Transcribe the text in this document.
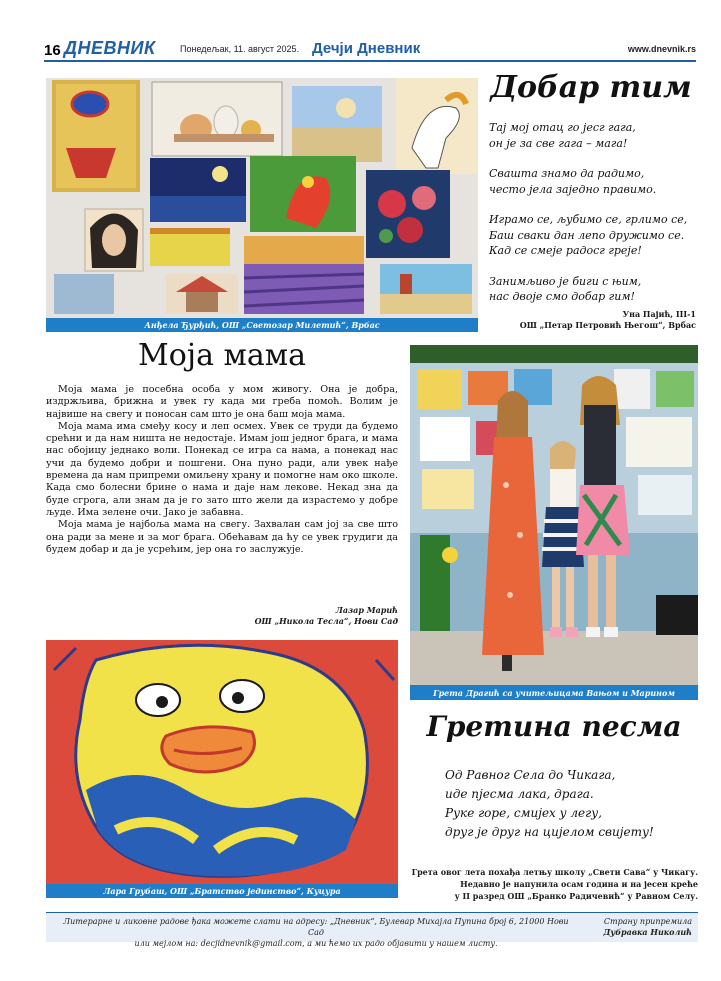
16 ДНЕВНИК	Понедељак, 11. август 2025. Дечји Дневник	www.dnevnik.rs
Анђела Ђурђић, ОШ „Светозар Милетић“, Врбас
Добар тим
Тај мој отац го јесг гага,
он је за све гага – мага!
Свашта знамо да радимо,
често јела заједно правимо.
Играмо се, љубимо се, грлимо се,
Баш сваки дан лепо дружимо се.
Кад се смеје радосг греје!
Занимљиво је биги с њим,
нас двоје смо добар гим!
Уна Пајић, III-1
ОШ „Петар Петровић Његош“, Врбас
Моја мама

Моја мама је посебна особа у мом живогу. Она је добра, издржљива, брижна и увек гу када ми греба помоћ. Волим је највише на свегу и поносан сам што је она баш моја мама.

Моја мама има смеђу косу и леп осмех. Увек се труди да будемо срећни и да нам ништа не недостаје. Имам још једног брага, и мама нас обојицу једнако воли. Понекад се игра са нама, а понекад нас учи да будемо добри и пошгени. Она пуно ради, али увек нађе времена да нам припреми омиљену храну и помогне нам око школе. Када смо болесни брине о нама и даје нам лекове. Некад зна да буде сгрога, али знам да је го зато што жели да израстемо у добре људе. Има зелене очи. Јако је забавна.

Моја мама је најбоља мама на свегу. Захвалан сам јој за све што она ради за мене и за мог брага. Обећавам да ћу се увек грудиги да будем добар и да је усрећим, јер она го заслужује.

Лазар Марић
ОШ „Никола Тесла“, Нови Сад
Грета Драгић са учитељицама Вањом и Марином
Лара Грубаш, ОШ „Братство јединство“, Куцура
Гретина песма
Од Равног Села до Чикага,
иде пјесма лака, драга.
Руке горе, смијех у легу,
друг је друг на цијелом свијету!
Грета овог лета похађа летњу школу „Свети Сава“ у Чикагу.
Недавно је напунила осам година и на јесен креће
у II разред ОШ „Бранко Радичевић“ у Равном Селу.
Литерарне и ликовне радове ђака можете слати на адресу: „Дневник“, Булевар Михајла Пупина број 6, 21000 Нови Сад
или мејлом на: decjidnevnik@gmail.com, а ми ћемо их радо објавити у нашем листу.
Страну припремила
Дубравка Николић
